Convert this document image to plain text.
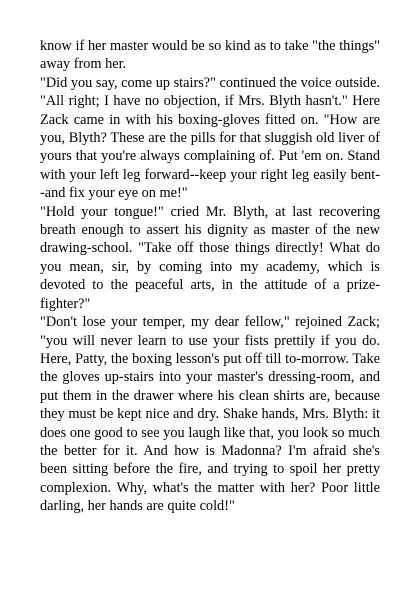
know if her master would be so kind as to take "the things" away from her.

"Did you say, come up stairs?" continued the voice outside. "All right; I have no objection, if Mrs. Blyth hasn't." Here Zack came in with his boxing-gloves fitted on. "How are you, Blyth? These are the pills for that sluggish old liver of yours that you're always complaining of. Put 'em on. Stand with your left leg forward--keep your right leg easily bent--and fix your eye on me!"

"Hold your tongue!" cried Mr. Blyth, at last recovering breath enough to assert his dignity as master of the new drawing-school. "Take off those things directly! What do you mean, sir, by coming into my academy, which is devoted to the peaceful arts, in the attitude of a prize-fighter?"

"Don't lose your temper, my dear fellow," rejoined Zack; "you will never learn to use your fists prettily if you do. Here, Patty, the boxing lesson's put off till to-morrow. Take the gloves up-stairs into your master's dressing-room, and put them in the drawer where his clean shirts are, because they must be kept nice and dry. Shake hands, Mrs. Blyth: it does one good to see you laugh like that, you look so much the better for it. And how is Madonna? I'm afraid she's been sitting before the fire, and trying to spoil her pretty complexion. Why, what's the matter with her? Poor little darling, her hands are quite cold!"
